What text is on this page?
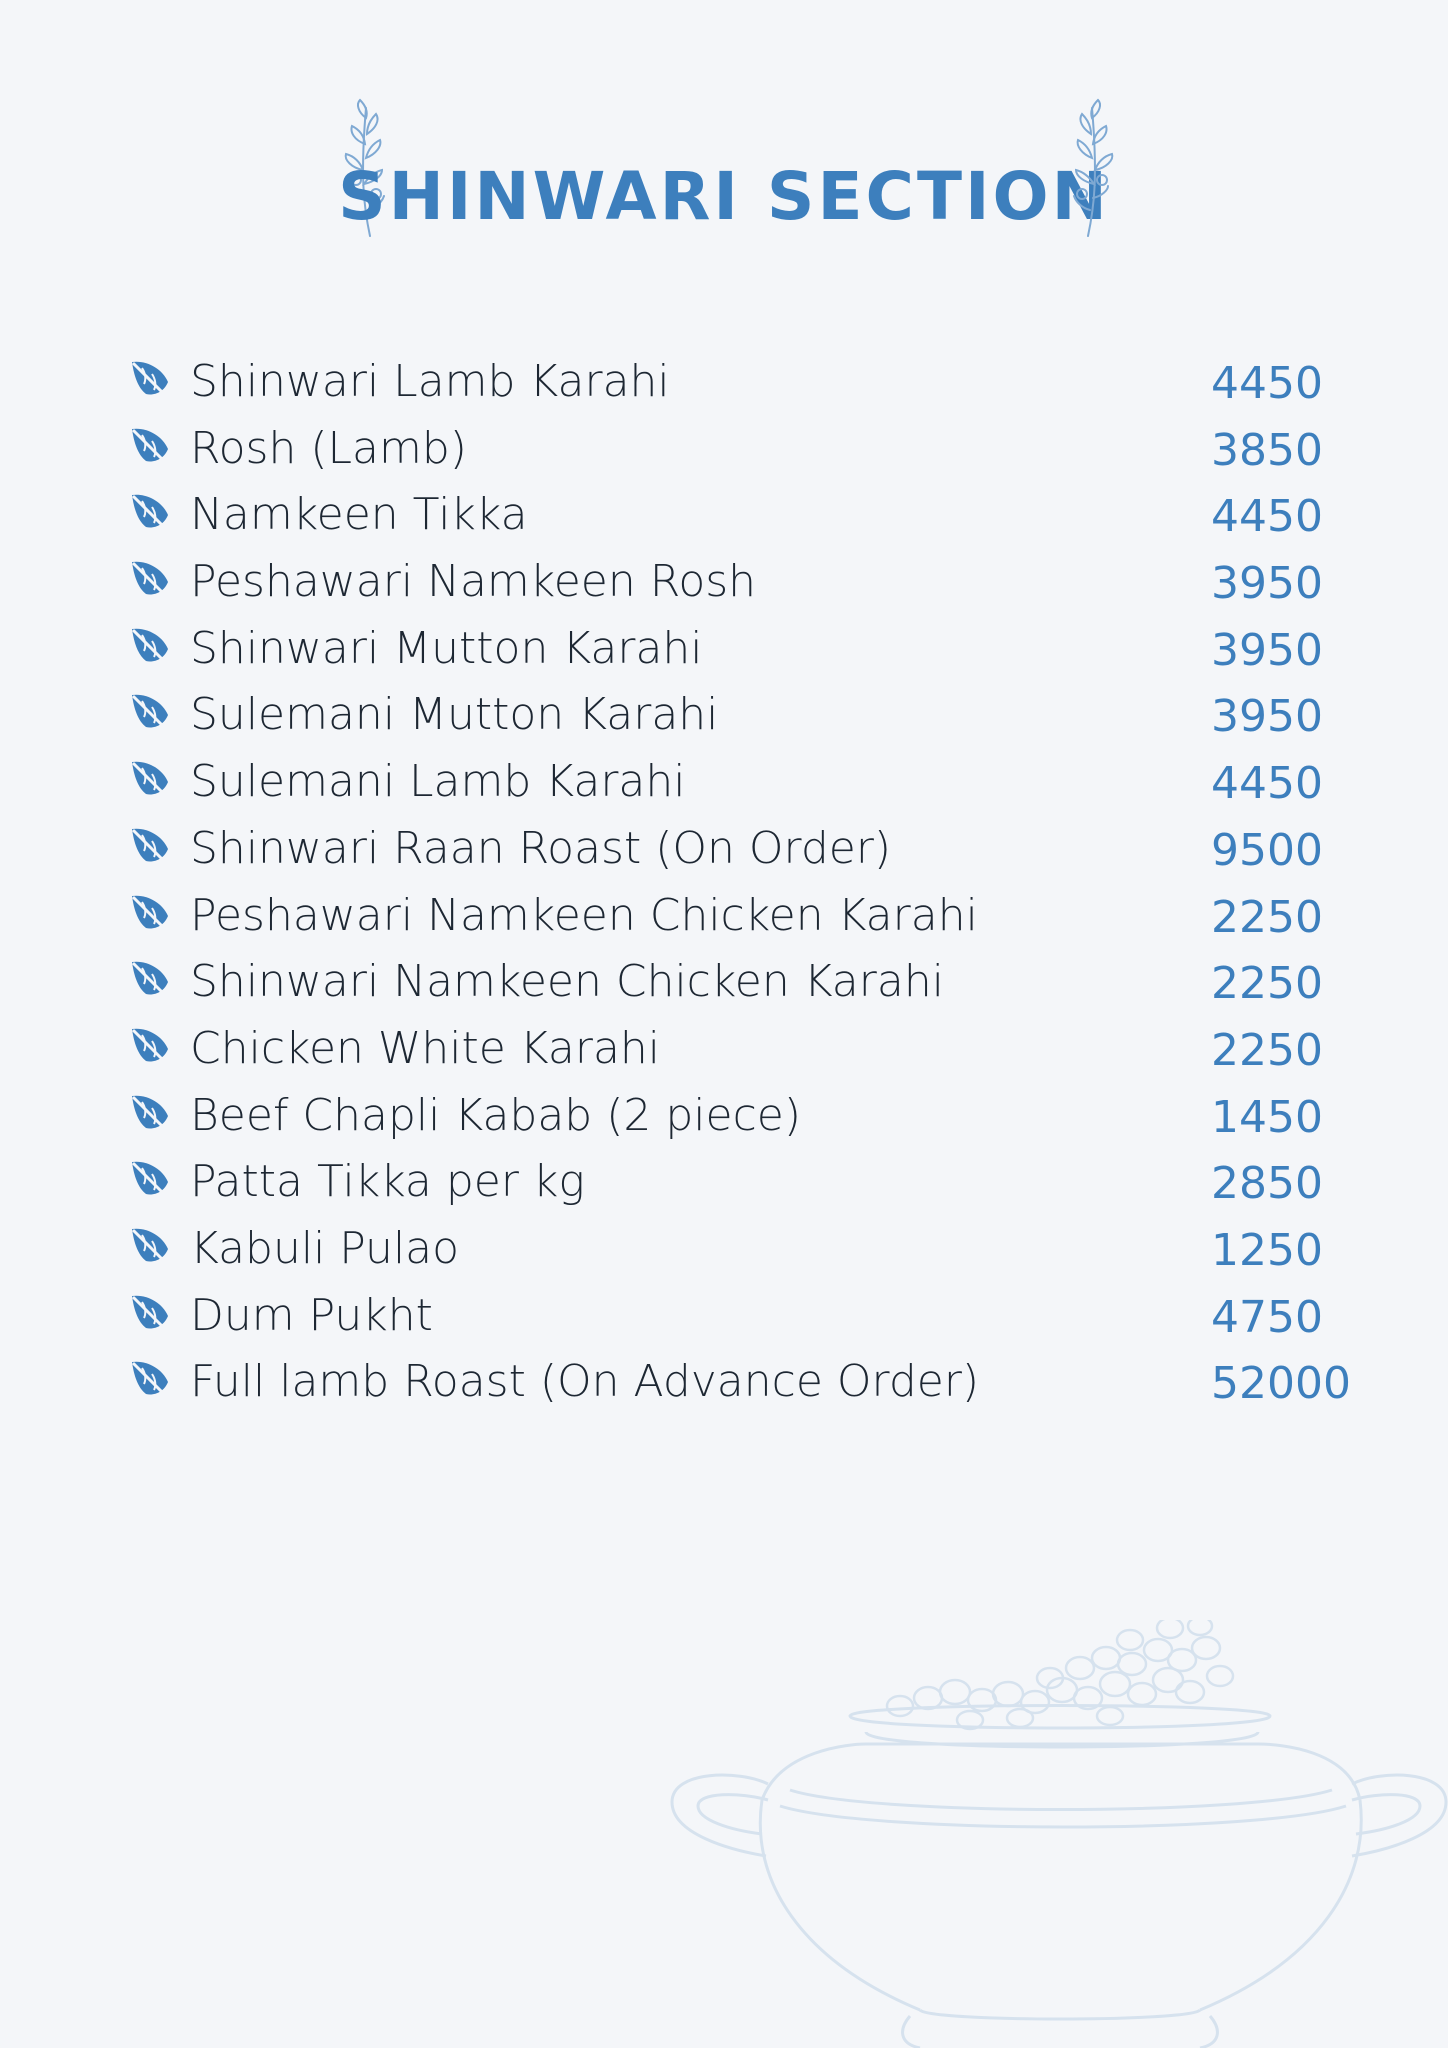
SHINWARI SECTION
Shinwari Lamb Karahi	4450
Rosh (Lamb)	3850
Namkeen Tikka	4450
Peshawari Namkeen Rosh	3950
Shinwari Mutton Karahi	3950
Sulemani Mutton Karahi	3950
Sulemani Lamb Karahi	4450
Shinwari Raan Roast (On Order)	9500
Peshawari Namkeen Chicken Karahi	2250
Shinwari Namkeen Chicken Karahi	2250
Chicken White Karahi	2250
Beef Chapli Kabab (2 piece)	1450
Patta Tikka per kg	2850
Kabuli Pulao	1250
Dum Pukht	4750
Full lamb Roast (On Advance Order)	52000
